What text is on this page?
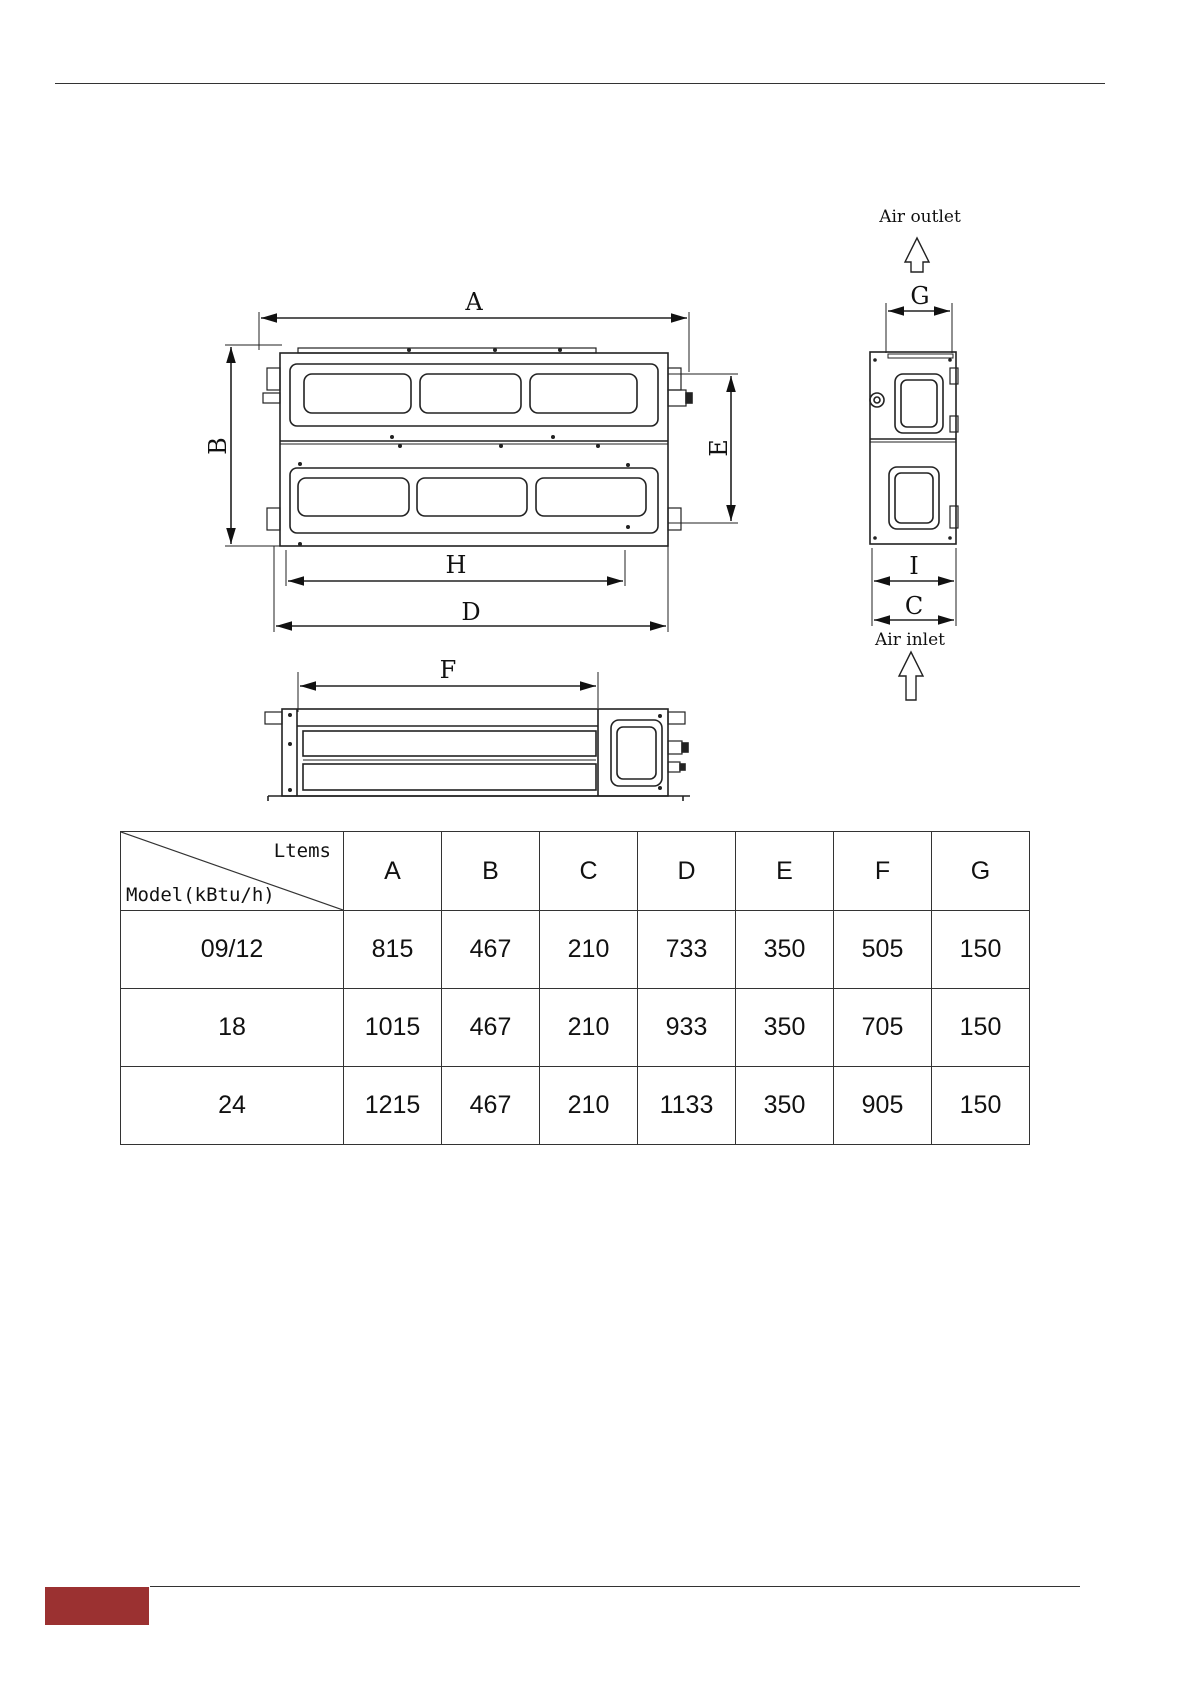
A
B	E
H
D
F
Air outlet
G
I
C
Air inlet
Ltems
Model(kBtu/h)	A	B	C	D	E	F	G
09/12	815	467	210	733	350	505	150
18	1015	467	210	933	350	705	150
24	1215	467	210	1133	350	905	150
